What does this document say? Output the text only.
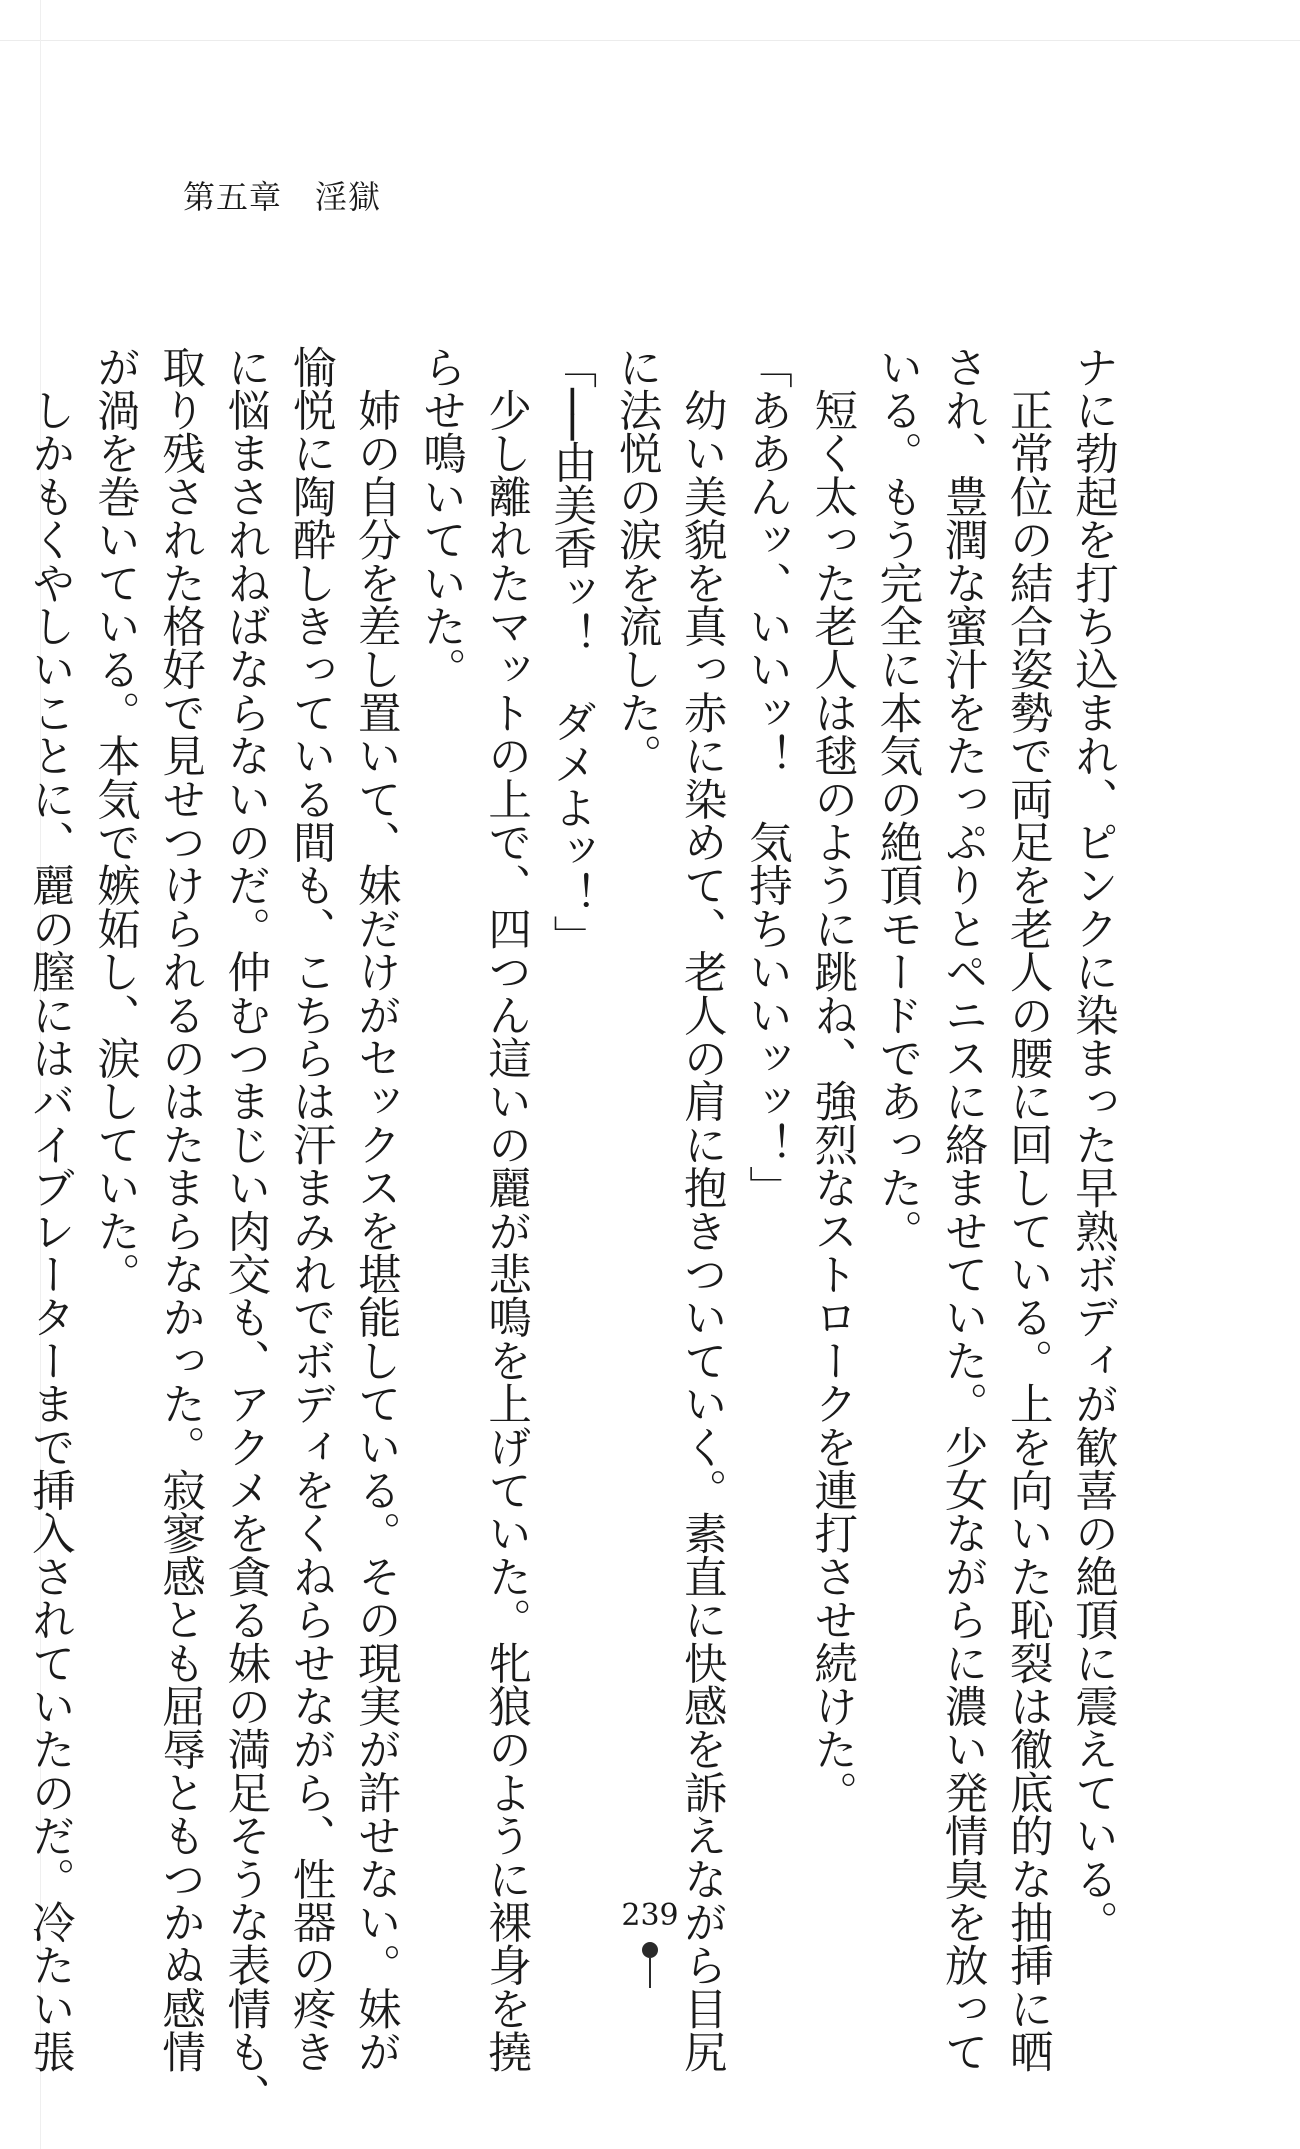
第五章　淫獄
ナに勃起を打ち込まれ、ピンクに染まった早熟ボディが歓喜の絶頂に震えている。
　正常位の結合姿勢で両足を老人の腰に回している。上を向いた恥裂は徹底的な抽挿に晒
され、豊潤な蜜汁をたっぷりとペニスに絡ませていた。少女ながらに濃い発情臭を放って
いる。もう完全に本気の絶頂モードであった。
　短く太った老人は毬のように跳ね、強烈なストロークを連打させ続けた。
「ああんッ、いいッ！　気持ちいいッッ！」
　幼い美貌を真っ赤に染めて、老人の肩に抱きついていく。素直に快感を訴えながら目尻
に法悦の涙を流した。
「──由美香ッ！　ダメよッ！」
　少し離れたマットの上で、四つん這いの麗が悲鳴を上げていた。牝狼のように裸身を撓
らせ鳴いていた。
　姉の自分を差し置いて、妹だけがセックスを堪能している。その現実が許せない。妹が
愉悦に陶酔しきっている間も、こちらは汗まみれでボディをくねらせながら、性器の疼き
に悩まされねばならないのだ。仲むつまじい肉交も、アクメを貪る妹の満足そうな表情も、
取り残された格好で見せつけられるのはたまらなかった。寂寥感とも屈辱ともつかぬ感情
が渦を巻いている。本気で嫉妬し、涙していた。
　しかもくやしいことに、麗の膣にはバイブレーターまで挿入されていたのだ。冷たい張	239
